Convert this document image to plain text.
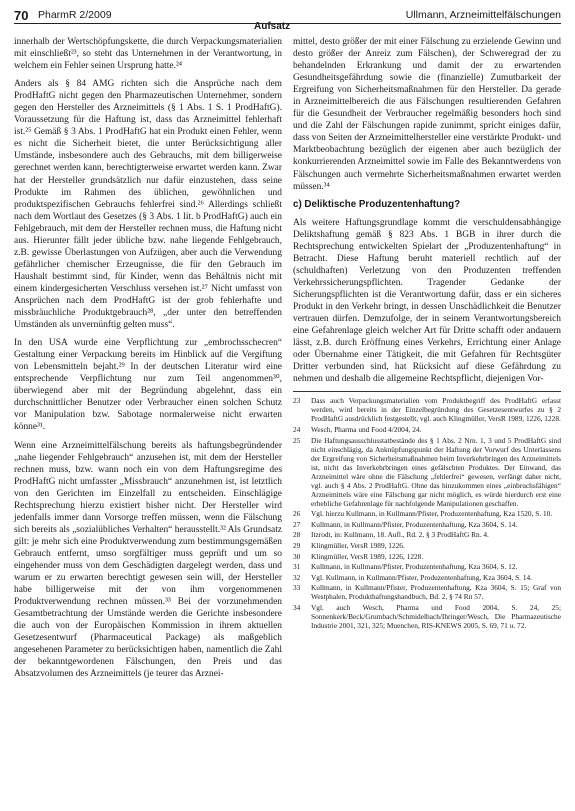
70 PharmR 2/2009
Aufsatz
Ullmann, Arzneimittelfälschungen

innerhalb der Wertschöpfungskette, die durch Verpackungsmaterialien mit einschließt²³, so steht das Unternehmen in der Verantwortung, in welchem ein Fehler seinen Ursprung hatte.²⁴

Anders als § 84 AMG richten sich die Ansprüche nach dem ProdHaftG nicht gegen den Pharmazeutischen Unternehmer, sondern gegen den Hersteller des Arzneimittels (§ 1 Abs. 1 S. 1 ProdHaftG). Voraussetzung für die Haftung ist, dass das Arzneimittel fehlerhaft ist.²⁵ Gemäß § 3 Abs. 1 ProdHaftG hat ein Produkt einen Fehler, wenn es nicht die Sicherheit bietet, die unter Berücksichtigung aller Umstände, insbesondere auch des Gebrauchs, mit dem billigerweise gerechnet werden kann, berechtigterweise erwartet werden kann. Zwar hat der Hersteller grundsätzlich nur dafür einzustehen, dass seine Produkte im Rahmen des üblichen, gewöhnlichen und produktspezifischen Gebrauchs fehlerfrei sind.²⁶ Allerdings schließt nach dem Wortlaut des Gesetzes (§ 3 Abs. 1 lit. b ProdHaftG) auch ein Fehlgebrauch, mit dem der Hersteller rechnen muss, die Haftung nicht aus. Hierunter fällt jeder übliche bzw. nahe liegende Fehlgebrauch, z.B. gewisse Überlastungen von Aufzügen, aber auch die Verwendung gefährlicher chemischer Erzeugnisse, die für den Gebrauch im Haushalt bestimmt sind, für Kinder, wenn das Behältnis nicht mit einem kindergesicherten Verschluss versehen ist.²⁷ Nicht umfasst von Ansprüchen nach dem ProdHaftG ist der grob fehlerhafte und missbräuchliche Produktgebrauch²⁸, „der unter den betreffenden Umständen als unvernünftig gelten muss“.

In den USA wurde eine Verpflichtung zur „embrochsschecren“ Gestaltung einer Verpackung bereits im Hinblick auf die Vergiftung von Lebensmitteln bejaht.²⁹ In der deutschen Literatur wird eine entsprechende Verpflichtung nur zum Teil angenommen³⁰, überwiegend aber mit der Begründung abgelehnt, dass ein durchschnittlicher Benutzer oder Verbraucher einen solchen Schutz vor Manipulation bzw. Sabotage normalerweise nicht erwarten könne³¹.

Wenn eine Arzneimittelfälschung bereits als haftungsbegründender „nahe liegender Fehlgebrauch“ anzusehen ist, mit dem der Hersteller rechnen muss, bzw. wann noch ein von dem Haftungsregime des ProdHaftG nicht umfasster „Missbrauch“ anzunehmen ist, ist letztlich von den Gerichten im Einzelfall zu entscheiden. Einschlägige Rechtsprechung hierzu existiert bisher nicht. Der Hersteller wird jedenfalls immer dann Vorsorge treffen müssen, wenn die Fälschung sich bereits als „sozialübliches Verhalten“ herausstellt.³² Als Grundsatz gilt: je mehr sich eine Produktverwendung zum bestimmungsgemäßen Gebrauch entfernt, umso sorgfältiger muss geprüft und um so eingehender muss von dem Geschädigten dargelegt werden, dass und warum er zu erwarten berechtigt gewesen sein will, der Hersteller habe billigerweise mit der von ihm vorgenommenen Produktverwendung rechnen müssen.³³ Bei der vorzunehmenden Gesamtbetrachtung der Umstände werden die Gerichte insbesondere die auch von der Europäischen Kommission in ihrem aktuellen Gesetzesentwurf (Pharmaceutical Package) als maßgeblich angesehenen Parameter zu berücksichtigen haben, namentlich die Zahl der bekanntgewordenen Fälschungen, den Preis und das Absatzvolumen des Arzneimittels (je teurer das Arznei-

mittel, desto größer der mit einer Fälschung zu erzielende Gewinn und desto größer der Anreiz zum Fälschen), der Schweregrad der zu behandelnden Erkrankung und damit der zu erwartenden Gesundheitsgefährdung sowie die (finanzielle) Zumutbarkeit der Ergreifung von Sicherheitsmaßnahmen für den Hersteller. Da gerade in Arzneimittelbereich die aus Fälschungen resultierenden Gefahren für die Gesundheit der Verbraucher regelmäßig besonders hoch sind und die Zahl der Fälschungen rapide zunimmt, spricht einiges dafür, dass von Seiten der Arzneimittelhersteller eine verstärkte Produkt- und Marktbeobachtung bezüglich der eigenen aber auch bezüglich der konkurrierenden Arzneimittel sowie im Falle des Bekanntwerdens von Fälschungen auch vermehrte Sicherheitsmaßnahmen erwartet werden müssen.³⁴

c) Deliktische Produzentenhaftung?

Als weitere Haftungsgrundlage kommt die verschuldensabhängige Deliktshaftung gemäß § 823 Abs. 1 BGB in ihrer durch die Rechtsprechung entwickelten Spielart der „Produzentenhaftung“ in Betracht. Diese Haftung beruht materiell rechtlich auf der (schuldhaften) Verletzung von den Produzenten treffenden Verkehrssicherungspflichten. Tragender Gedanke der Sicherungspflichten ist die Verantwortung dafür, dass er ein sicheres Produkt in den Verkehr bringt, in dessen Unschädlichkeit die Benutzer vertrauen dürfen. Demzufolge, der in seinem Verantwortungsbereich eine Gefahrenlage gleich welcher Art für Dritte schafft oder andauern lässt, z.B. durch Eröffnung eines Verkehrs, Errichtung einer Anlage oder Übernahme einer Tätigkeit, die mit Gefahren für Rechtsgüter Dritter verbunden sind, hat Rücksicht auf diese Gefährdung zu nehmen und deshalb die allgemeine Rechtspflicht, diejenigen Vor-

23	Dass auch Verpackungsmaterialien vom Produktbegriff des ProdHaftG erfasst werden, wird bereits in der Einzelbegründung des Gesetzesentwurfes zu § 2 ProdHaftG ausdrücklich festgestellt, vgl. auch Klingmüller, VersR 1989, 1226, 1228.
24	Wesch, Pharma und Food 4/2004, 24.
25	Die Haftungsausschlusstatbestände des § 1 Abs. 2 Nrn. 1, 3 und 5 ProdHaftG sind nicht einschlägig, da Anknüpfungspunkt der Haftung der Vorwurf des Unterlassens der Ergreifung von Sicherheitsmaßnahmen beim Inverkehrbringen des Arzneimittels ist, nicht das Inverkehrbringen eines gefälschten Produktes. Der Einwand, das Arzneimittel wäre ohne die Fälschung „fehlerfrei“ gewesen, verfängt daher nicht, vgl. auch § 4 Abs. 2 ProdHaftG. Ohne das hinzukommen eines „einbruchsfähigen“ Arzneimittels wäre eine Fälschung gar nicht möglich, es würde hierdurch erst eine erhebliche Gefahrenlage für nachfolgende Manipulationen geschaffen.
26	Vgl. hierzu Kullmann, in Kullmann/Pfister, Produzentenhaftung, Kza 1520, S. 10.
27	Kullmann, in Kullmann/Pfister, Produzentenhaftung, Kza 3604, S. 14.
28	Itzrodt, in: Kullmann, 18. Aufl., Rd. 2, § 3 ProdHaftG Rn. 4.
29	Klingmüller, VersR 1989, 1226.
30	Klingmüller, VersR 1989, 1226, 1228.
31	Kullmann, in Kullmann/Pfister, Produzentenhaftung, Kza 3604, S. 12.
32	Vgl. Kullmann, in Kullmann/Pfister, Produzentenhaftung, Kza 3604, S. 14.
33	Kullmann, in Kullmann/Pfister, Produzentenhaftung, Kza 3604, S. 15; Graf von Westphalen, Produkthaftungshandbuch, Bd. 2, § 74 Rn 57.
34	Vgl. auch Wesch, Pharma und Food 2004, S. 24, 25; Sonnenkerk/Beck/Grumbach/Schmidelbach/Ihringer/Wesch, Die Pharmazeutische Industrie 2001, 321, 325; Muenchen, RIS-KNEWS 2005, S. 69, 71 u. 72.
